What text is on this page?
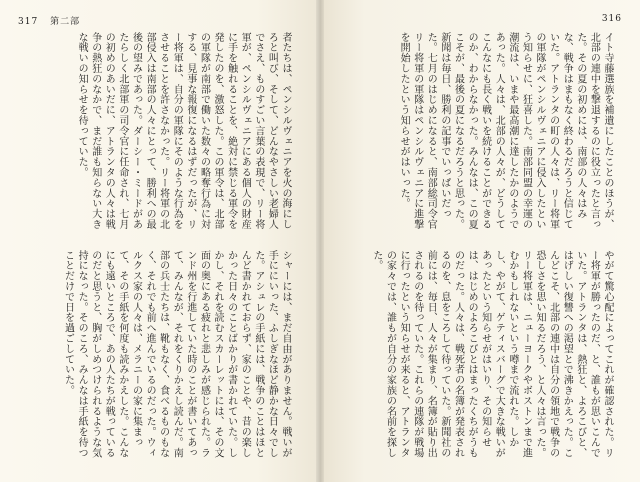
317 第二部

者たちは、ペンシルヴェニアを火の海にしろと叫び、そして、どんなやさしい老婦人でさえ、ものすごい言葉の表現で、リー将軍が、ペンシルヴェニアにある個人の財産に手を触れることを、絶対に禁じる軍令を発したのを、激怒した。この軍令は、北部の軍隊が南部で働いた数々の略奪行為に対する、見事な報復になるはずだったが、リー将軍は、自分の軍隊にそのような行為をさせることを許さなかった。リー将軍の北部侵入は南部の人々にとって、勝利への最後の望みであった。ダーシー・ミードがあたらしく北部軍の司令官に任命され、七月の初めのあいだに、アトランタの人々は戦争の熱狂のなかで、まだ誰も知らない大きな戦いの知らせを待っていた。

シャーには、まだ自由がありません。戦いが手ににいった、ふしぎなほど静かな日々でした。アシュレの手紙には、戦争のことはほとんど書かれておらず、家のことや、昔の楽しかった日々のことばかりが書かれていた。しかし、それを読むスカーレットには、その文面の奥にある疲れと悲しみが感じられた。ランド州を行進していた時のことが書いてあって、みんなが、それをくりかえし読んだ。南部の兵士たちは、靴もなく、食べるものもなく、それでも前へ進んでいるのだった。ウィルクス家の人々は、メラニーの家に集まって、その手紙を何度も読みかえした。こんなにも遠いところで、あの人たちが戦っているのだと思うと、胸がしめつけられるような気持になった。そのころ、みんなは手紙を待つことだけで日を過ごしていた。

316

イト寺藤選族を補遺にしたことのほうが、北部の連中を撃退するのに役立ったと言った。その夏の初めには、南部の人々はみな、戦争はまもなく終わるだろうと信じていた。アトランタの町の人々は、リー将軍の軍隊がペンシルヴェニアに侵入したという知らせに、狂喜した。南部同盟の幸運の潮流は、いまや最高潮に達したかのようであった。人々は、北部の人々が、どうしてこんなにも長く戦いを続けることができるのか、わからなかった。みんなは、この夏こそが、最後の夏になるだろうと思った。新聞は毎日、勝利の記事でいっぱいだった。七月のはじめになると、南部総司令官リー将軍の軍隊はペンシルヴェニアに進撃を開始したという知らせがはいった。

やがて驚心配によってこれが確認された。リー将軍が勝ったのだ、と、誰もが思いこんでいた。アトランタは、熱狂と、よろこびと、はげしい復讐への渇望とで沸きかえった。こんどこそ、北部の連中は自分の領地で戦争の恐しさを思い知るだろう、と人々は言った。リー将軍は、ニューヨークやボストンまで進むかもしれないという噂まで流れた。しかし、やがて、ゲティスバーグで大きな戦いがあったという知らせがはいり、その知らせは、はじめのよろこびとはまったくちがうものだった。人々は、戦死者の名簿が発表されるのを、息をころして待っていた。新聞社の前には、毎日、人々が集まり、名簿が貼り出されるのを待っていた。これらの連隊が戦場に行ったという知らせが来ると、アトランタの家々では、誰もが自分の家族の名前を探した。
